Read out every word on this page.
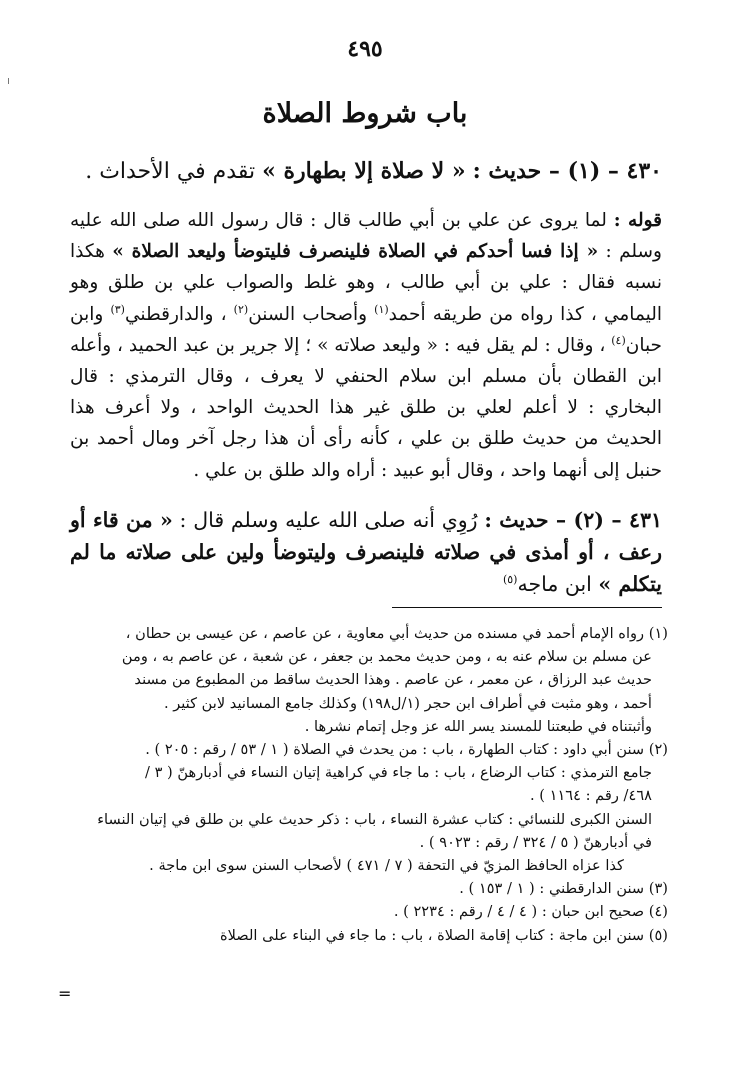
٤٩٥
باب شروط الصلاة

٤٣٠ – (١) – حديث : « لا صلاة إلا بطهارة » تقدم في الأحداث .

قوله : لما يروى عن علي بن أبي طالب قال : قال رسول الله صلى الله عليه وسلم : « إذا فسا أحدكم في الصلاة فلينصرف فليتوضأ وليعد الصلاة » هكذا نسبه فقال : علي بن أبي طالب ، وهو غلط والصواب علي بن طلق وهو اليمامي ، كذا رواه من طريقه أحمد$^{(١)}$ وأصحاب السنن$^{(٢)}$ ، والدارقطني$^{(٣)}$ وابن حبان$^{(٤)}$ ، وقال : لم يقل فيه : « وليعد صلاته » ؛ إلا جرير بن عبد الحميد ، وأعله ابن القطان بأن مسلم ابن سلام الحنفي لا يعرف ، وقال الترمذي : قال البخاري : لا أعلم لعلي بن طلق غير هذا الحديث الواحد ، ولا أعرف هذا الحديث من حديث طلق بن علي ، كأنه رأى أن هذا رجل آخر ومال أحمد بن حنبل إلى أنهما واحد ، وقال أبو عبيد : أراه والد طلق بن علي .

٤٣١ – (٢) – حديث : رُوِي أنه صلى الله عليه وسلم قال : « من قاء أو رعف ، أو أمذى في صلاته فلينصرف وليتوضأ ولين على صلاته ما لم يتكلم » ابن ماجه$^{(٥)}$

(١) رواه الإمام أحمد في مسنده من حديث أبي معاوية ، عن عاصم ، عن عيسى بن حطان ،
عن مسلم بن سلام عنه به ، ومن حديث محمد بن جعفر ، عن شعبة ، عن عاصم به ، ومن
حديث عبد الرزاق ، عن معمر ، عن عاصم . وهذا الحديث ساقط من المطبوع من مسند
أحمد ، وهو مثبت في أطراف ابن حجر (١/ل١٩٨) وكذلك جامع المسانيد لابن كثير .
وأثبتناه في طبعتنا للمسند يسر الله عز وجل إتمام نشرها .
(٢) سنن أبي داود : كتاب الطهارة ، باب : من يحدث في الصلاة ( ١ / ٥٣ / رقم : ٢٠٥ ) .
جامع الترمذي : كتاب الرضاع ، باب : ما جاء في كراهية إتيان النساء في أدبارهنّ ( ٣ /
٤٦٨/ رقم : ١١٦٤ ) .
السنن الكبرى للنسائي : كتاب عشرة النساء ، باب : ذكر حديث علي بن طلق في إتيان النساء
في أدبارهنّ ( ٥ / ٣٢٤ / رقم : ٩٠٢٣ ) .
كذا عزاه الحافظ المزيّ في التحفة ( ٧ / ٤٧١ ) لأصحاب السنن سوى ابن ماجة .
(٣) سنن الدارقطني : ( ١ / ١٥٣ ) .
(٤) صحيح ابن حبان : ( ٤ / ٤ / رقم : ٢٢٣٤ ) .
(٥) سنن ابن ماجة : كتاب إقامة الصلاة ، باب : ما جاء في البناء على الصلاة
=
